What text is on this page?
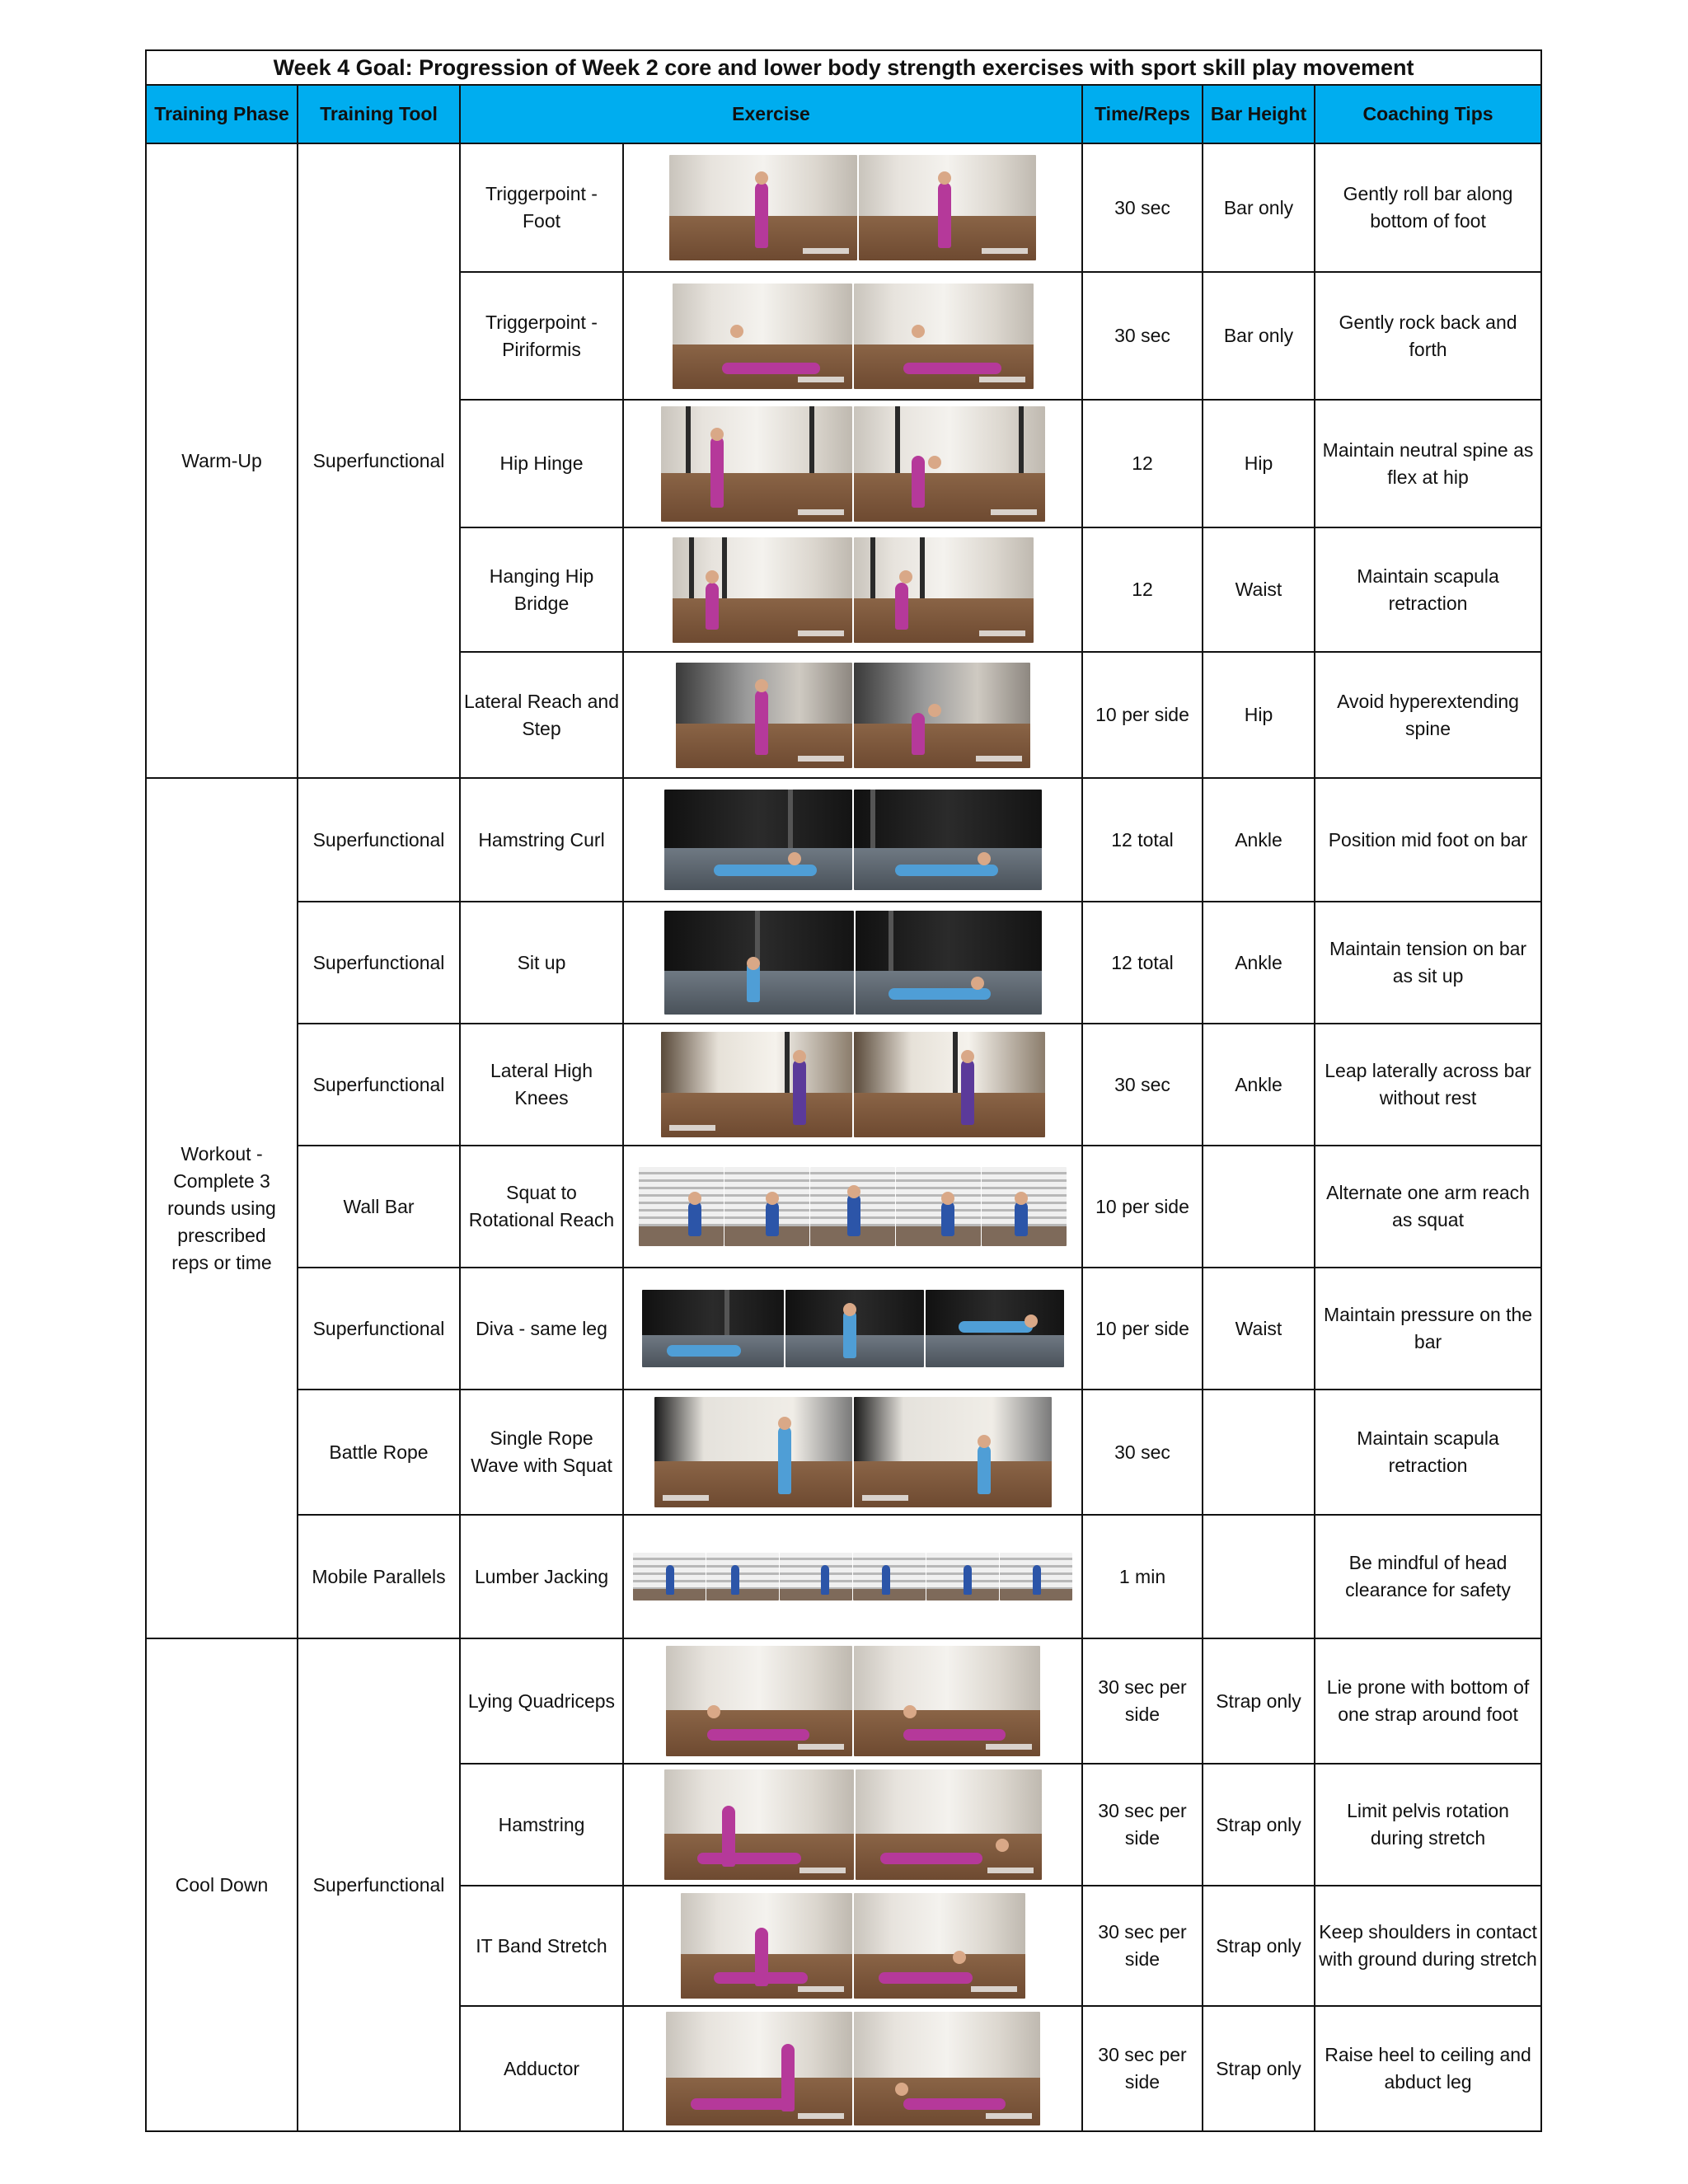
Week 4 Goal: Progression of Week 2 core and lower body strength exercises with sport skill play movement						
Training Phase	Training Tool	Exercise		Time/Reps	Bar Height	Coaching Tips
Warm-Up	Superfunctional	Triggerpoint - Foot		30 sec	Bar only	Gently roll bar along bottom of foot
		Triggerpoint - Piriformis		30 sec	Bar only	Gently rock back and forth
		Hip Hinge		12	Hip	Maintain neutral spine as flex at hip
		Hanging Hip Bridge		12	Waist	Maintain scapula retraction
		Lateral Reach and Step		10 per side	Hip	Avoid hyperextending spine
Workout - Complete 3 rounds using prescribed reps or time	Superfunctional	Hamstring Curl		12 total	Ankle	Position mid foot on bar
	Superfunctional	Sit up		12 total	Ankle	Maintain tension on bar as sit up
	Superfunctional	Lateral High Knees		30 sec	Ankle	Leap laterally across bar without rest
	Wall Bar	Squat to Rotational Reach		10 per side		Alternate one arm reach as squat
	Superfunctional	Diva - same leg		10 per side	Waist	Maintain pressure on the bar
	Battle Rope	Single Rope Wave with Squat		30 sec		Maintain scapula retraction
	Mobile Parallels	Lumber Jacking		1 min		Be mindful of head clearance for safety
Cool Down	Superfunctional	Lying Quadriceps		30 sec per side	Strap only	Lie prone with bottom of one strap around foot
		Hamstring		30 sec per side	Strap only	Limit pelvis rotation during stretch
		IT Band Stretch		30 sec per side	Strap only	Keep shoulders in contact with ground during stretch
		Adductor		30 sec per side	Strap only	Raise heel to ceiling and abduct leg
